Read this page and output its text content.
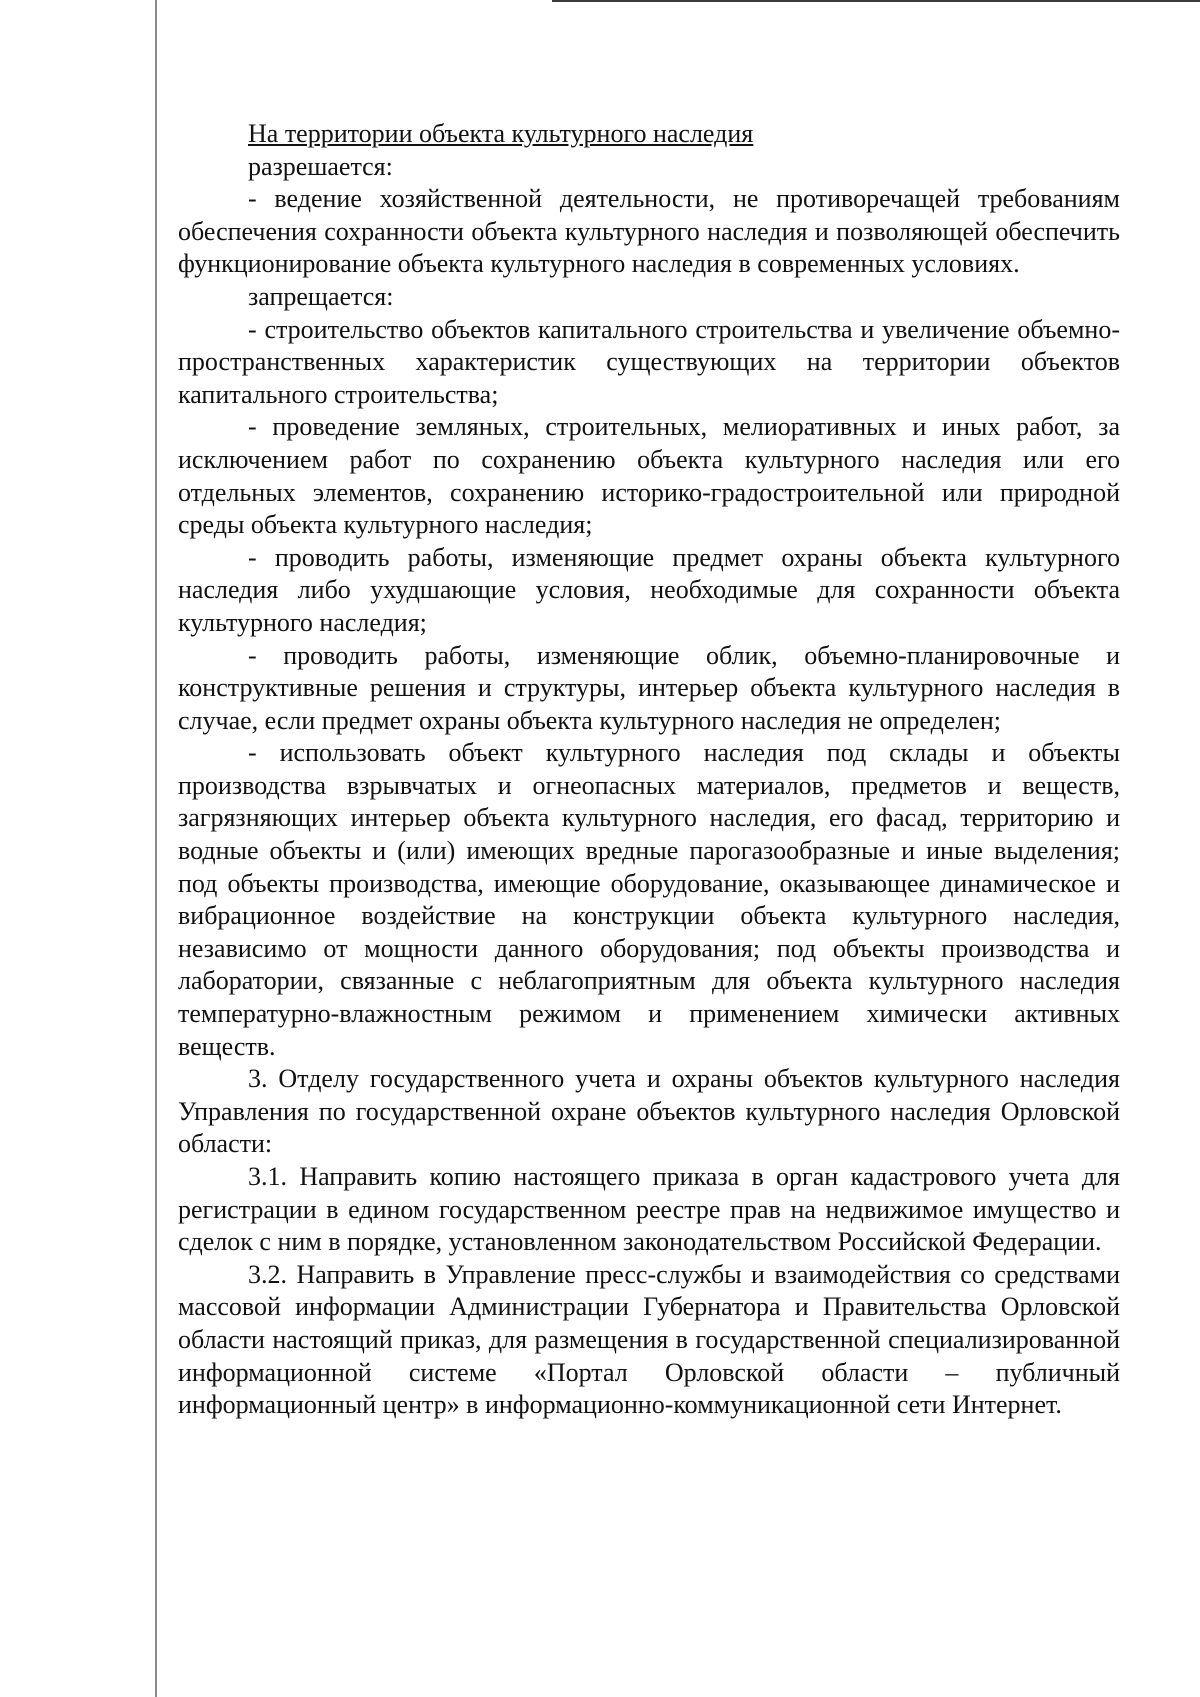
На территории объекта культурного наследия

разрешается:

- ведение хозяйственной деятельности, не противоречащей требованиям обеспечения сохранности объекта культурного наследия и позволяющей обеспечить функционирование объекта культурного наследия в современных условиях.

запрещается:

- строительство объектов капитального строительства и увеличение объемно-пространственных характеристик существующих на территории объектов капитального строительства;

- проведение земляных, строительных, мелиоративных и иных работ, за исключением работ по сохранению объекта культурного наследия или его отдельных элементов, сохранению историко-градостроительной или природной среды объекта культурного наследия;

- проводить работы, изменяющие предмет охраны объекта культурного наследия либо ухудшающие условия, необходимые для сохранности объекта культурного наследия;

- проводить работы, изменяющие облик, объемно-планировочные и конструктивные решения и структуры, интерьер объекта культурного наследия в случае, если предмет охраны объекта культурного наследия не определен;

- использовать объект культурного наследия под склады и объекты производства взрывчатых и огнеопасных материалов, предметов и веществ, загрязняющих интерьер объекта культурного наследия, его фасад, территорию и водные объекты и (или) имеющих вредные парогазообразные и иные выделения; под объекты производства, имеющие оборудование, оказывающее динамическое и вибрационное воздействие на конструкции объекта культурного наследия, независимо от мощности данного оборудования; под объекты производства и лаборатории, связанные с неблагоприятным для объекта культурного наследия температурно-влажностным режимом и применением химически активных веществ.

3. Отделу государственного учета и охраны объектов культурного наследия Управления по государственной охране объектов культурного наследия Орловской области:

3.1. Направить копию настоящего приказа в орган кадастрового учета для регистрации в едином государственном реестре прав на недвижимое имущество и сделок с ним в порядке, установленном законодательством Российской Федерации.

3.2. Направить в Управление пресс-службы и взаимодействия со средствами массовой информации Администрации Губернатора и Правительства Орловской области настоящий приказ, для размещения в государственной специализированной информационной системе «Портал Орловской области – публичный информационный центр» в информационно-коммуникационной сети Интернет.
